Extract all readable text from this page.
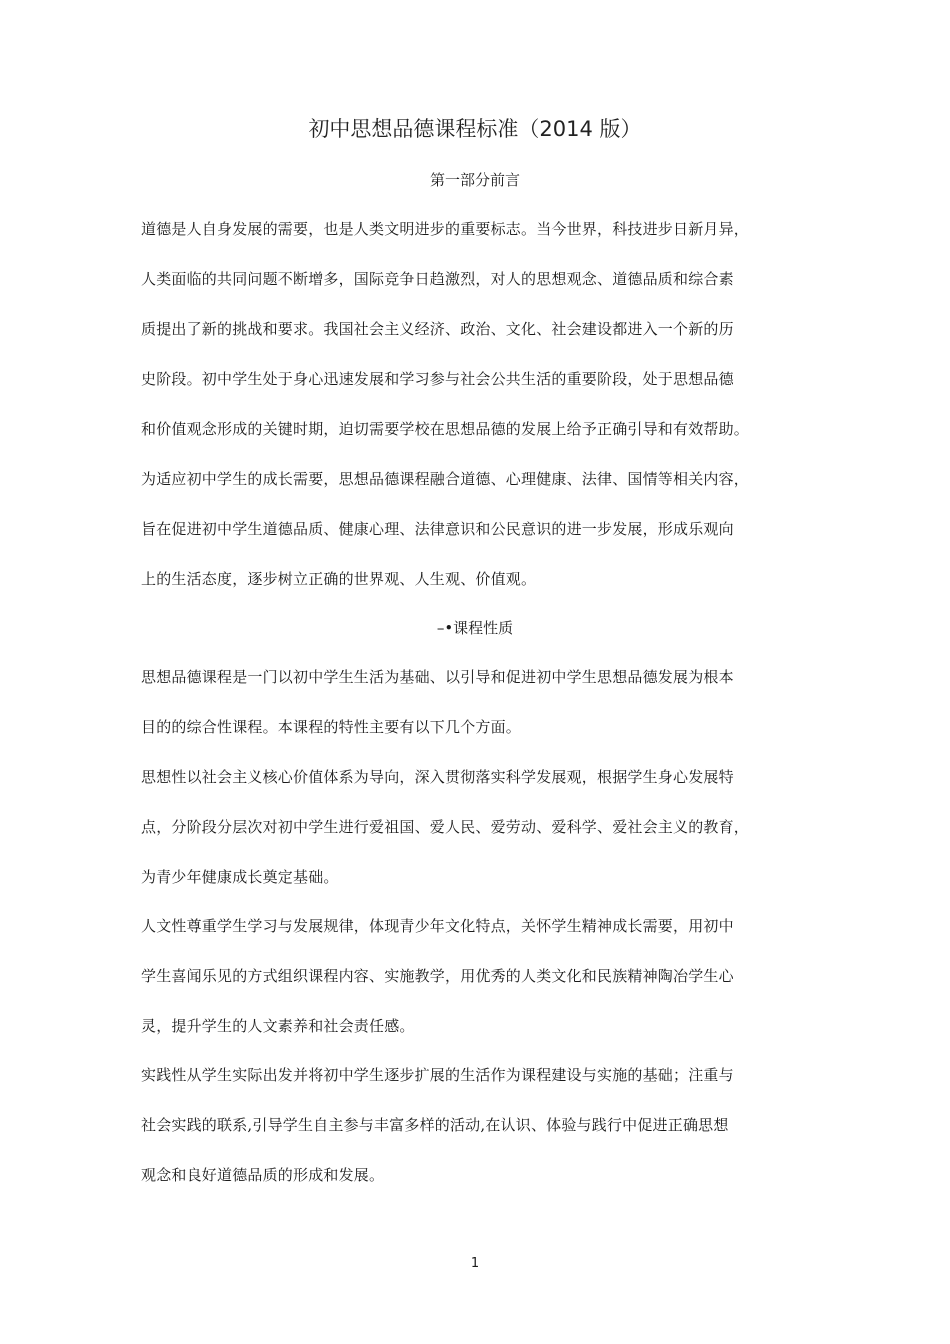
初中思想品德课程标准（2014 版）
第一部分前言
道德是人自身发展的需要，也是人类文明进步的重要标志。当今世界，科技进步日新月异，
人类面临的共同问题不断增多，国际竞争日趋激烈，对人的思想观念、道德品质和综合素
质提出了新的挑战和要求。我国社会主义经济、政治、文化、社会建设都进入一个新的历
史阶段。初中学生处于身心迅速发展和学习参与社会公共生活的重要阶段，处于思想品德
和价值观念形成的关键时期，迫切需要学校在思想品德的发展上给予正确引导和有效帮助。
为适应初中学生的成长需要，思想品德课程融合道德、心理健康、法律、国情等相关内容，
旨在促进初中学生道德品质、健康心理、法律意识和公民意识的进一步发展，形成乐观向
上的生活态度，逐步树立正确的世界观、人生观、价值观。
–•课程性质
思想品德课程是一门以初中学生生活为基础、以引导和促进初中学生思想品德发展为根本
目的的综合性课程。本课程的特性主要有以下几个方面。
思想性以社会主义核心价值体系为导向，深入贯彻落实科学发展观，根据学生身心发展特
点，分阶段分层次对初中学生进行爱祖国、爱人民、爱劳动、爱科学、爱社会主义的教育，
为青少年健康成长奠定基础。
人文性尊重学生学习与发展规律，体现青少年文化特点，关怀学生精神成长需要，用初中
学生喜闻乐见的方式组织课程内容、实施教学，用优秀的人类文化和民族精神陶冶学生心
灵，提升学生的人文素养和社会责任感。
实践性从学生实际出发并将初中学生逐步扩展的生活作为课程建设与实施的基础；注重与
社会实践的联系,引导学生自主参与丰富多样的活动,在认识、体验与践行中促进正确思想
观念和良好道德品质的形成和发展。
1
